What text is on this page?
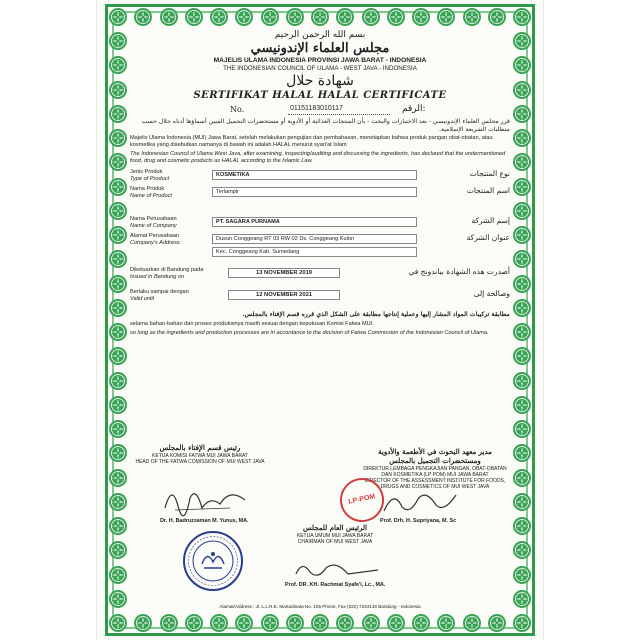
بسم الله الرحمن الرحيم
مجلس العلماء الإندونيسي
MAJELIS ULAMA INDONESIA PROVINSI JAWA BARAT - INDONESIA
THE INDONESIAN COUNCIL OF ULAMA - WEST JAVA - INDONESIA
شهادة حلال
SERTIFIKAT HALAL HALAL CERTIFICATE
No.	01151183010117	الرقم:
قرر مجلس العلماء الإندونيسي - بعد الاختبارات والبحث - بأن المنتجات الغذائية أو الأدوية أو مستحضرات التجميل المبين أسماؤها أدناه حلال حسب متطلبات الشريعة الإسلامية.
Majelis Ulama Indonesia (MUI) Jawa Barat, setelah melakukan pengujian dan pembahasan, menetapkan bahwa produk pangan obat-obatan, atau kosmetika yang disebutkan namanya di bawah ini adalah HALAL menurut syari'at Islam
The Indonesian Council of Ulama West Java, after examining, inspecting/auditing and discussing the ingredients, has declared that the undermentioned food, drug and cosmetic products as HALAL according to the Islamic Law.
Jenis Produk
Type of Product
KOSMETIKA	نوع المنتجات
Nama Produk
Name of Product
Terlampir	اسم المنتجات
Nama Perusahaan
Name of Company
PT. SAGARA PURNAMA	إسم الشركة
Alamat Perusahaan
Company's Address
Dusun Conggeang RT 03 RW 02 Ds. Conggeang Kulon
Kec. Conggeang Kab. Sumedang
عنوان الشركة
Dikeluarkan di Bandung pada
Issued in Bandung on
13 NOVEMBER 2019	أصدرت هذه الشهادة بباندونج في
Berlaku sampai dengan
Valid until
12 NOVEMBER 2021	وصالحة إلى
مطابقة تركيبات المواد المشار إليها وعملية إنتاجها مطابقة على الشكل الذي قرره قسم الإفتاء بالمجلس.
selama bahan-bahan dan proses produksinya masih sesuai dengan keputusan Komisi Fatwa MUI.
so long as the ingredients and production processes are in accordance to the decision of Fatwa Commission of the Indonesian Council of Ulama.
رئيس قسم الإفتاء بالمجلس
KETUA KOMISI FATWA MUI JAWA BARAT
HEAD OF THE FATWA COMISSION OF MUI WEST JAVA
Dr. H. Badruzzaman M. Yunus, MA.
مدير معهد البحوث في الأطعمة والأدوية ومستحضرات التجميل بالمجلس
DIREKTUR LEMBAGA PENGKAJIAN PANGAN, OBAT-OBATAN DAN KOSMETIKA (LP POM) MUI JAWA BARAT
DIRECTOR OF THE ASSESSMENT INSTITUTE FOR FOODS, DRUGS AND COSMETICS OF MUI WEST JAVA
LP-POM
Prof. Drh. H. Supriyana, M. Sc
الرئيس العام للمجلس
KETUA UMUM MUI JAWA BARAT
CHAIRMAN OF MUI WEST JAVA
Prof. DR. KH. Rachmat Syafe'i, Lc., MA.
Alamat/Address : Jl. L.L.R.E. Martadinata No. 105 Phone, Fax (022) 7234148 Bandung - Indonesia
